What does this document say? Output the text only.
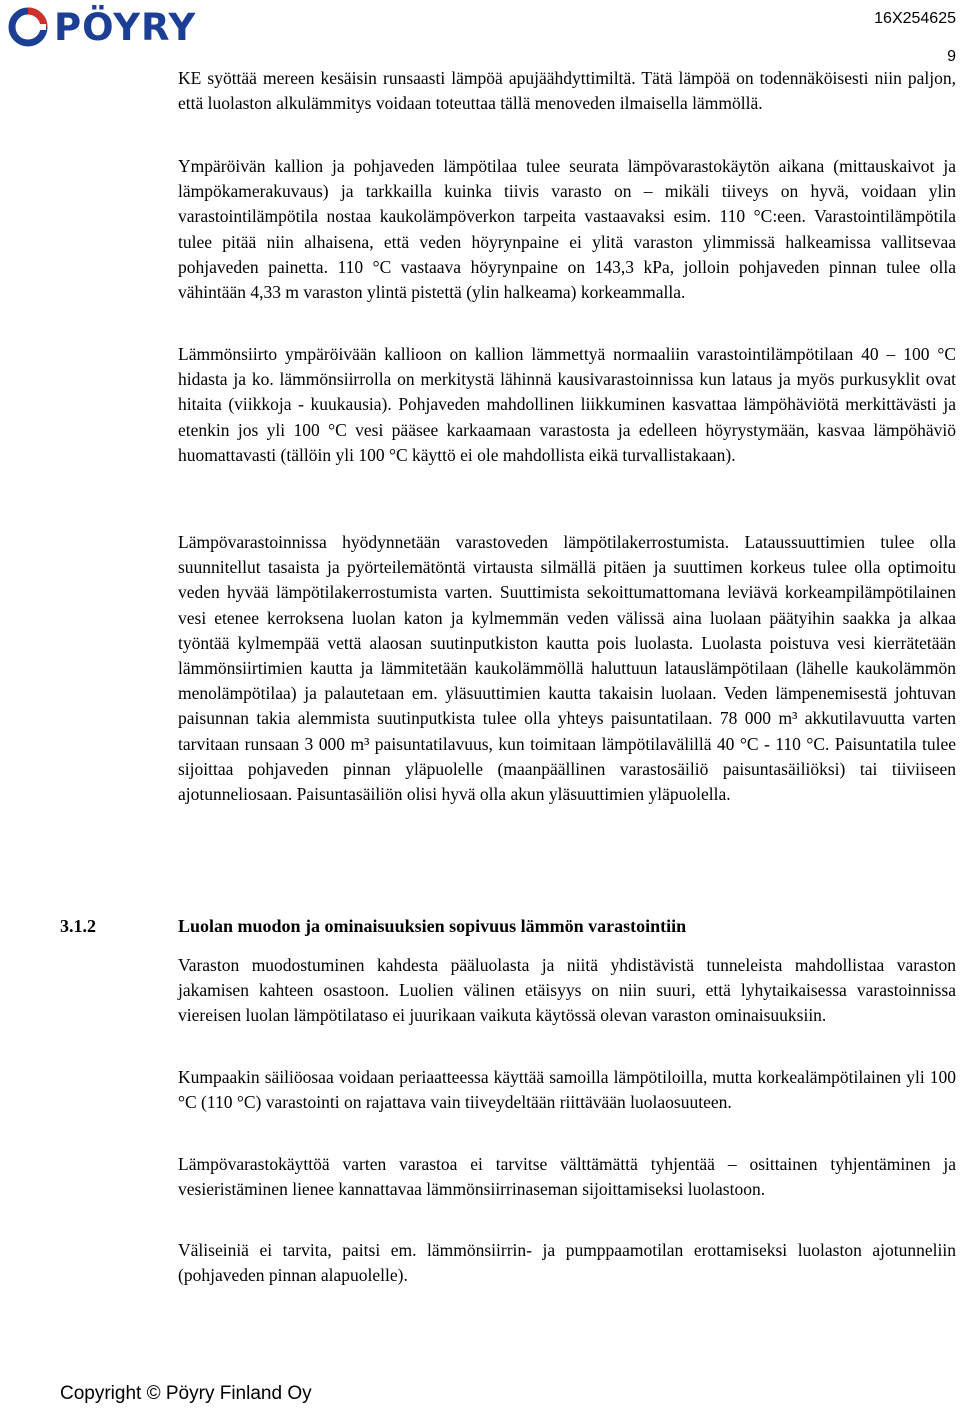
PÖYRY	16X254625
9

KE syöttää mereen kesäisin runsaasti lämpöä apujäähdyttimiltä. Tätä lämpöä on todennäköisesti niin paljon, että luolaston alkulämmitys voidaan toteuttaa tällä menoveden ilmaisella lämmöllä.

Ympäröivän kallion ja pohjaveden lämpötilaa tulee seurata lämpövarastokäytön aikana (mittauskaivot ja lämpökamerakuvaus) ja tarkkailla kuinka tiivis varasto on – mikäli tiiveys on hyvä, voidaan ylin varastointilämpötila nostaa kaukolämpöverkon tarpeita vastaavaksi esim. 110 °C:een. Varastointilämpötila tulee pitää niin alhaisena, että veden höyrynpaine ei ylitä varaston ylimmissä halkeamissa vallitsevaa pohjaveden painetta. 110 °C vastaava höyrynpaine on 143,3 kPa, jolloin pohjaveden pinnan tulee olla vähintään 4,33 m varaston ylintä pistettä (ylin halkeama) korkeammalla.

Lämmönsiirto ympäröivään kallioon on kallion lämmettyä normaaliin varastointilämpötilaan 40 – 100 °C hidasta ja ko. lämmönsiirrolla on merkitystä lähinnä kausivarastoinnissa kun lataus ja myös purkusyklit ovat hitaita (viikkoja - kuukausia). Pohjaveden mahdollinen liikkuminen kasvattaa lämpöhäviötä merkittävästi ja etenkin jos yli 100 °C vesi pääsee karkaamaan varastosta ja edelleen höyrystymään, kasvaa lämpöhäviö huomattavasti (tällöin yli 100 °C käyttö ei ole mahdollista eikä turvallistakaan).

Lämpövarastoinnissa hyödynnetään varastoveden lämpötilakerrostumista. Lataussuuttimien tulee olla suunnitellut tasaista ja pyörteilemätöntä virtausta silmällä pitäen ja suuttimen korkeus tulee olla optimoitu veden hyvää lämpötilakerrostumista varten. Suuttimista sekoittumattomana leviävä korkeampilämpötilainen vesi etenee kerroksena luolan katon ja kylmemmän veden välissä aina luolaan päätyihin saakka ja alkaa työntää kylmempää vettä alaosan suutinputkiston kautta pois luolasta. Luolasta poistuva vesi kierrätetään lämmönsiirtimien kautta ja lämmitetään kaukolämmöllä haluttuun latauslämpötilaan (lähelle kaukolämmön menolämpötilaa) ja palautetaan em. yläsuuttimien kautta takaisin luolaan. Veden lämpenemisestä johtuvan paisunnan takia alemmista suutinputkista tulee olla yhteys paisuntatilaan. 78 000 m³ akkutilavuutta varten tarvitaan runsaan 3 000 m³ paisuntatilavuus, kun toimitaan lämpötilavälillä 40 °C - 110 °C. Paisuntatila tulee sijoittaa pohjaveden pinnan yläpuolelle (maanpäällinen varastosäiliö paisuntasäiliöksi) tai tiiviiseen ajotunneliosaan. Paisuntasäiliön olisi hyvä olla akun yläsuuttimien yläpuolella.

3.1.2	Luolan muodon ja ominaisuuksien sopivuus lämmön varastointiin

Varaston muodostuminen kahdesta pääluolasta ja niitä yhdistävistä tunneleista mahdollistaa varaston jakamisen kahteen osastoon. Luolien välinen etäisyys on niin suuri, että lyhytaikaisessa varastoinnissa viereisen luolan lämpötilataso ei juurikaan vaikuta käytössä olevan varaston ominaisuuksiin.

Kumpaakin säiliöosaa voidaan periaatteessa käyttää samoilla lämpötiloilla, mutta korkealämpötilainen yli 100 °C (110 °C) varastointi on rajattava vain tiiveydeltään riittävään luolaosuuteen.

Lämpövarastokäyttöä varten varastoa ei tarvitse välttämättä tyhjentää – osittainen tyhjentäminen ja vesieristäminen lienee kannattavaa lämmönsiirrinaseman sijoittamiseksi luolastoon.

Väliseiniä ei tarvita, paitsi em. lämmönsiirrin- ja pumppaamotilan erottamiseksi luolaston ajotunneliin (pohjaveden pinnan alapuolelle).

Copyright © Pöyry Finland Oy
